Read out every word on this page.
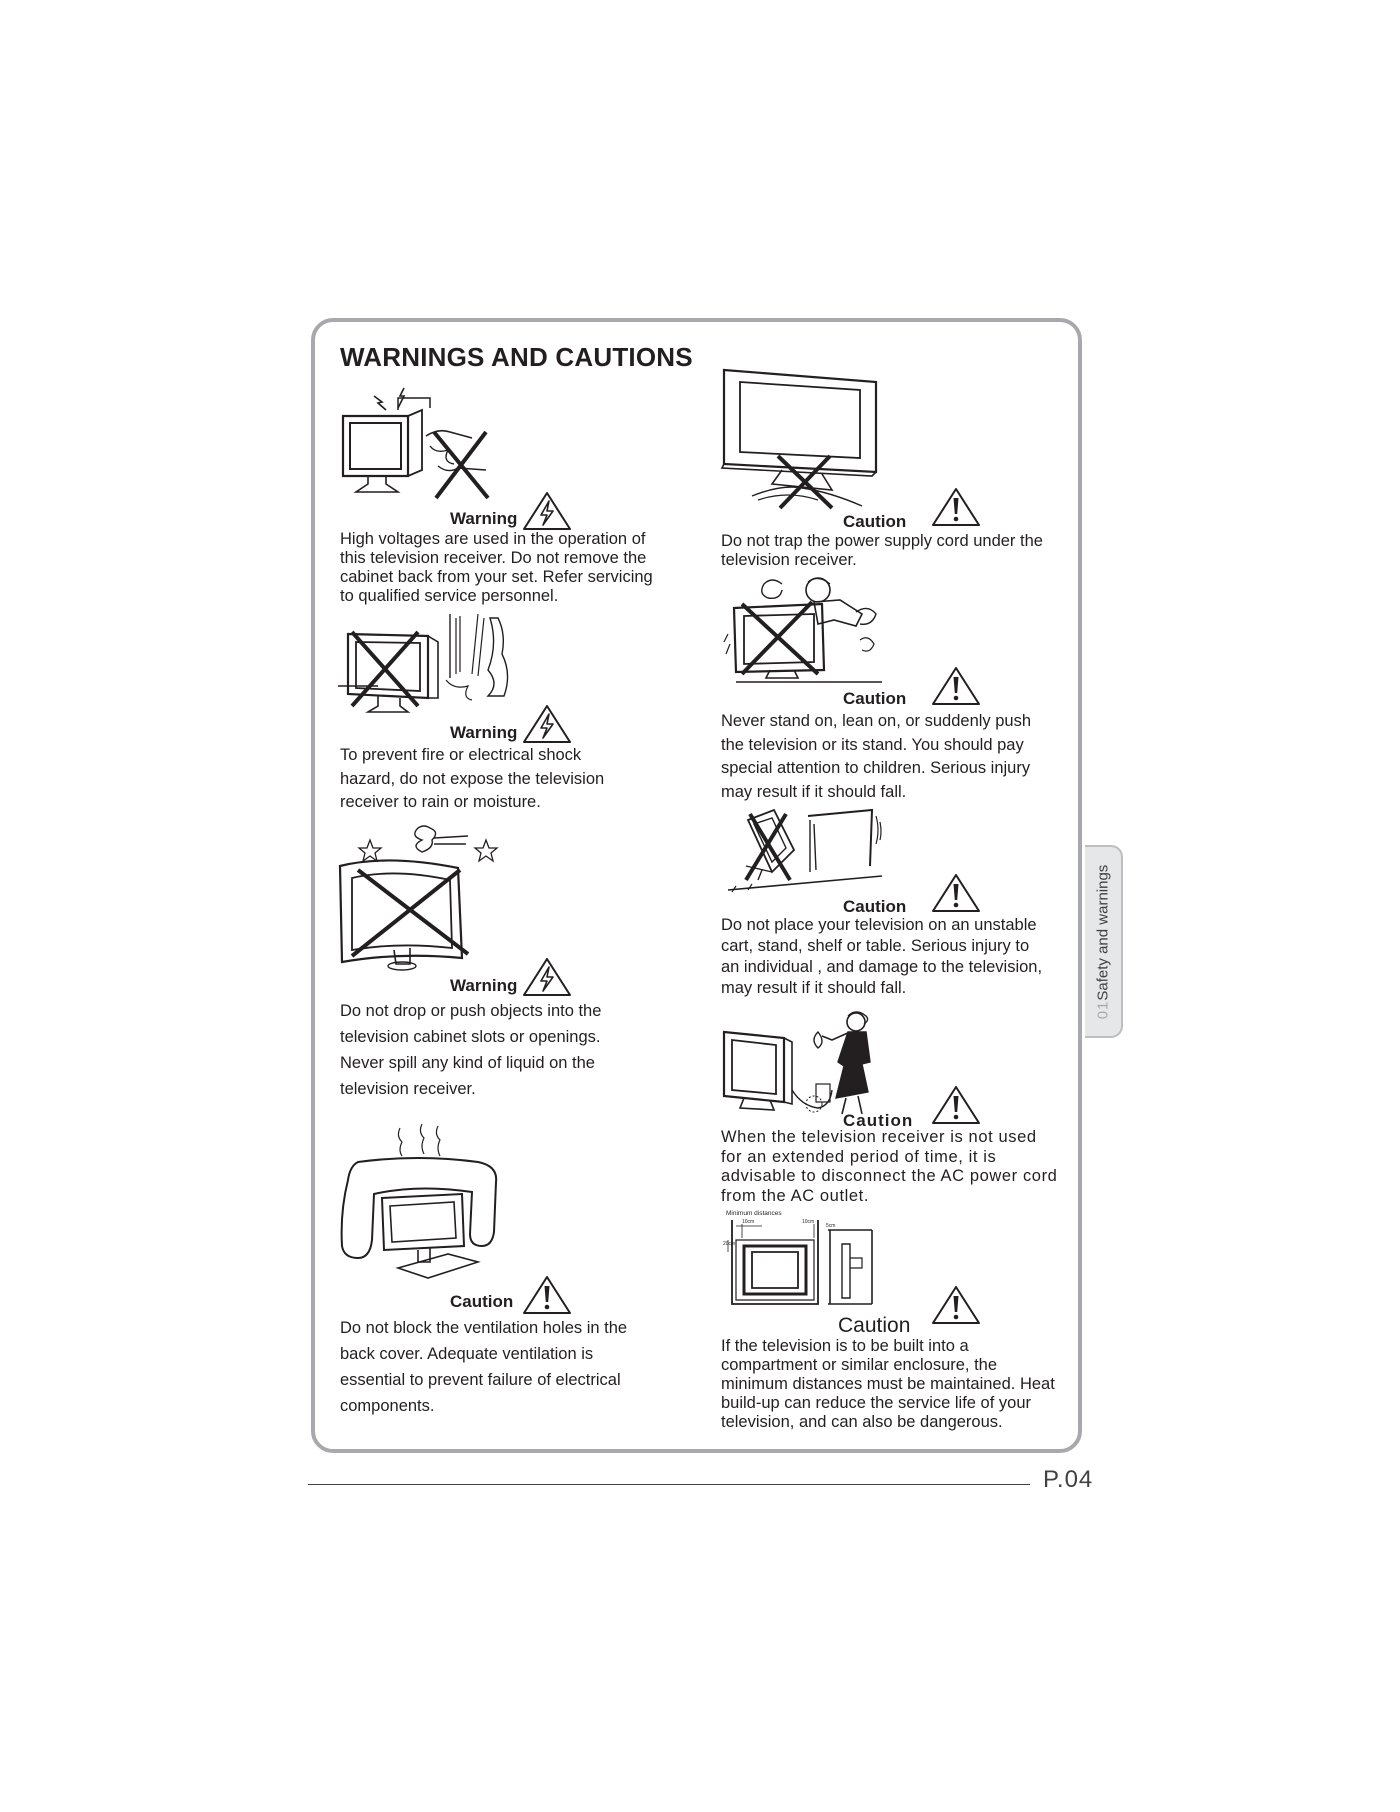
WARNINGS AND CAUTIONS
Warning

High voltages are used in the operation of this television receiver. Do not remove the cabinet back from your set. Refer servicing to qualified service personnel.

Warning

To prevent fire or electrical shock hazard, do not expose the television receiver to rain or moisture.

Warning

Do not drop or push objects into the television cabinet slots or openings. Never spill any kind of liquid on the television receiver.

Caution

Do not block the ventilation holes in the back cover. Adequate ventilation is essential to prevent failure of electrical components.

Caution

Do not trap the power supply cord under the television receiver.

Caution

Never stand on, lean on, or suddenly push the television or its stand. You should pay special attention to children. Serious injury may result if it should fall.

Caution

Do not place your television on an unstable cart, stand, shelf or table. Serious injury to an individual , and damage to the television, may result if it should fall.

Caution

When the television receiver is not used for an extended period of time, it is advisable to disconnect the AC power cord from the AC outlet.

Minimum distances
10cm	10cm
5cm
20cm
Caution

If the television is to be built into a compartment or similar enclosure, the minimum distances must be maintained. Heat build-up can reduce the service life of your television, and can also be dangerous.

01Safety and warnings
P.04
